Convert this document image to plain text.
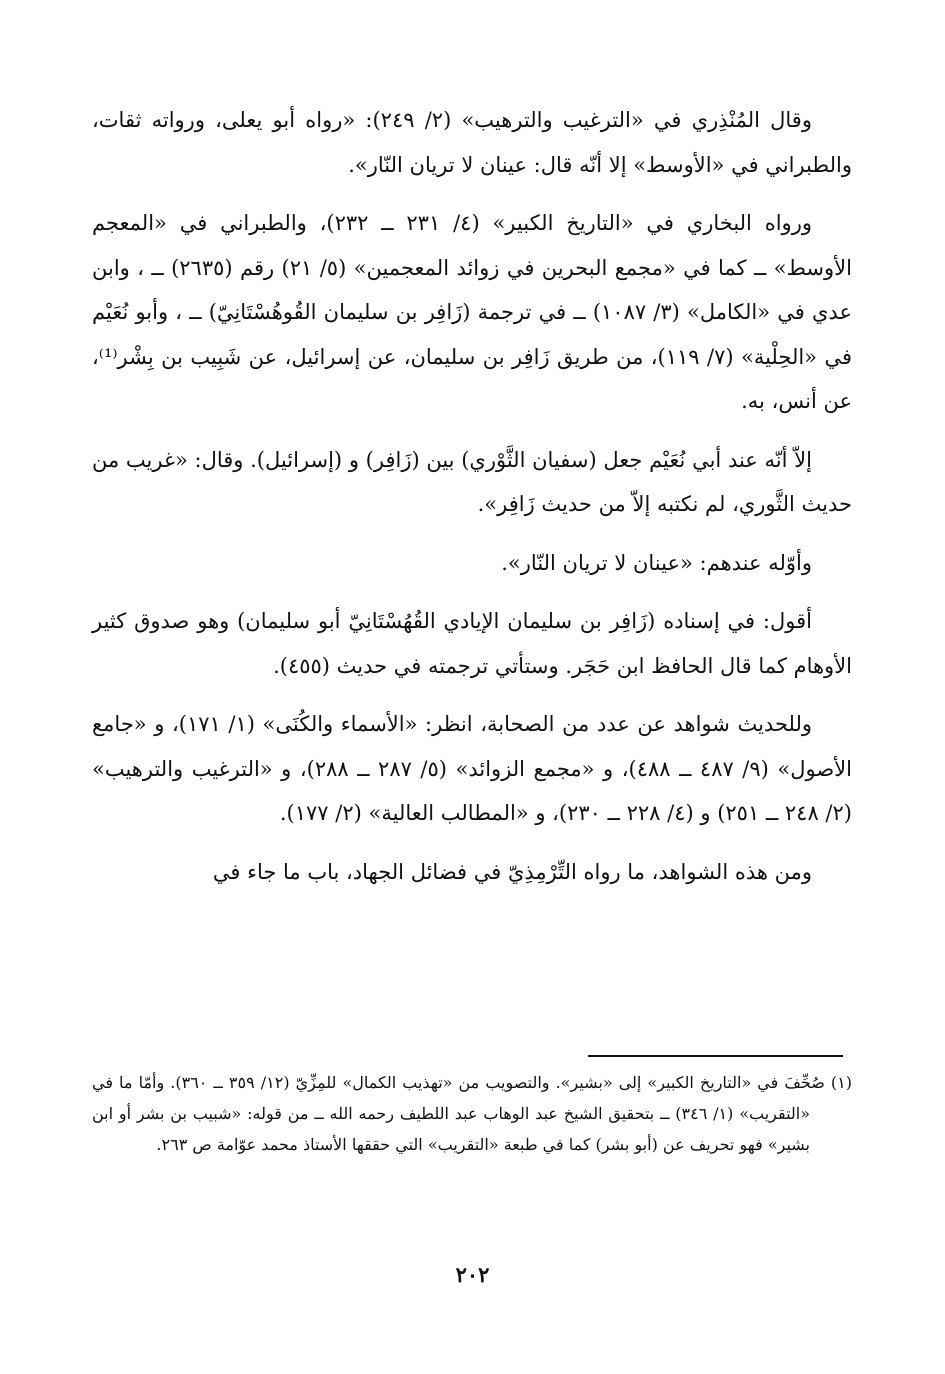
وقال المُنْذِري في «الترغيب والترهيب» (٢/ ٢٤٩): «رواه أبو يعلى، ورواته ثقات، والطبراني في «الأوسط» إلا أنّه قال: عينان لا تريان النّار».

ورواه البخاري في «التاريخ الكبير» (٤/ ٢٣١ ــ ٢٣٢)، والطبراني في «المعجم الأوسط» ــ كما في «مجمع البحرين في زوائد المعجمين» (٥/ ٢١) رقم (٢٦٣٥) ــ ، وابن عدي في «الكامل» (٣/ ١٠٨٧) ــ في ترجمة (زَافِر بن سليمان القُوهُسْتَانِيّ) ــ ، وأبو نُعَيْم في «الحِلْية» (٧/ ١١٩)، من طريق زَافِر بن سليمان، عن إسرائيل، عن شَبِيب بن بِشْر⁽¹⁾، عن أنس، به.

إلاّ أنّه عند أبي نُعَيْم جعل (سفيان الثَّوْري) بين (زَافِر) و (إسرائيل). وقال: «غريب من حديث الثَّوري، لم نكتبه إلاّ من حديث زَافِر».

وأوّله عندهم: «عينان لا تريان النّار».

أقول: في إسناده (زَافِر بن سليمان الإيادي القُهُسْتَانِيّ أبو سليمان) وهو صدوق كثير الأوهام كما قال الحافظ ابن حَجَر. وستأتي ترجمته في حديث (٤٥٥).

وللحديث شواهد عن عدد من الصحابة، انظر: «الأسماء والكُنَى» (١/ ١٧١)، و «جامع الأصول» (٩/ ٤٨٧ ــ ٤٨٨)، و «مجمع الزوائد» (٥/ ٢٨٧ ــ ٢٨٨)، و «الترغيب والترهيب» (٢/ ٢٤٨ ــ ٢٥١) و (٤/ ٢٢٨ ــ ٢٣٠)، و «المطالب العالية» (٢/ ١٧٧).

ومن هذه الشواهد، ما رواه التِّرْمِذِيّ في فضائل الجهاد، باب ما جاء في

(١) صُحِّفَ في «التاريخ الكبير» إلى «بشير». والتصويب من «تهذيب الكمال» للمِزِّيّ (١٢/ ٣٥٩ ــ ٣٦٠). وأمّا ما في «التقريب» (١/ ٣٤٦) ــ بتحقيق الشيخ عبد الوهاب عبد اللطيف رحمه الله ــ من قوله: «شبيب بن بشر أو ابن بشير» فهو تحريف عن (أبو بشر) كما في طبعة «التقريب» التي حققها الأستاذ محمد عوّامة ص ٢٦٣.

٢٠٢
